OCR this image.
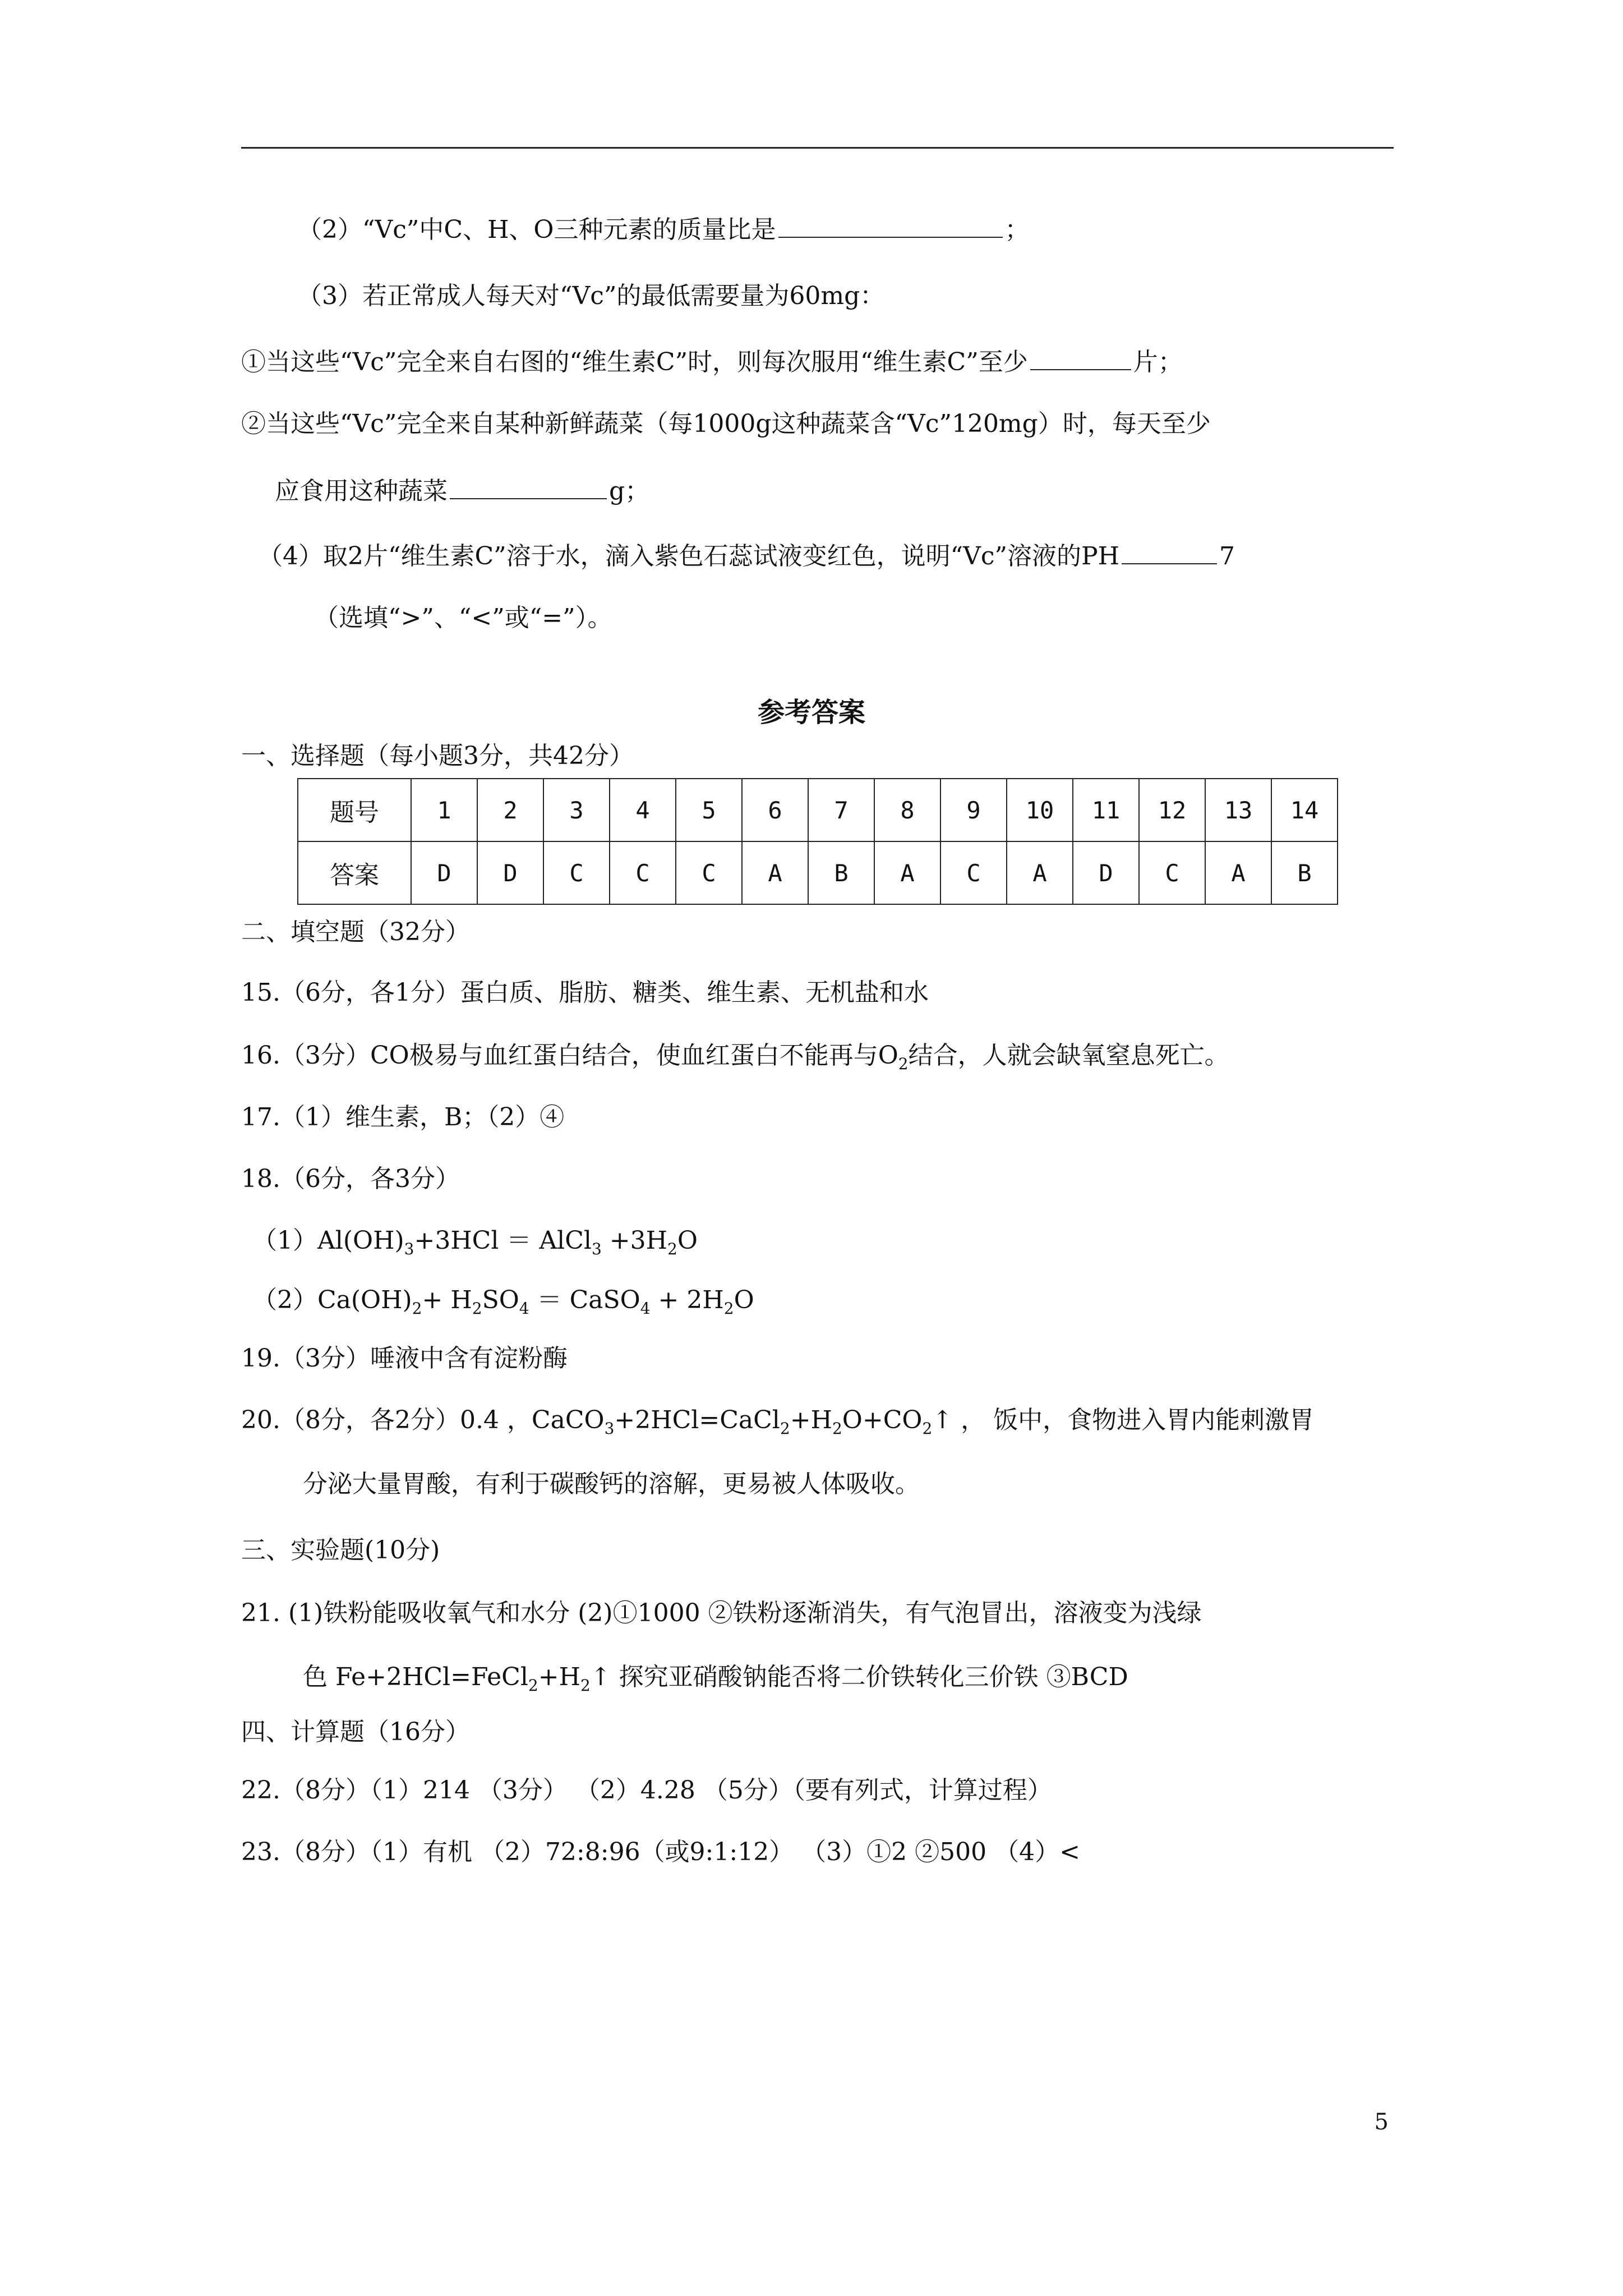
（2）“Vc”中C、H、O三种元素的质量比是	；
（3）若正常成人每天对“Vc”的最低需要量为60mg：
①当这些“Vc”完全来自右图的“维生素C”时，则每次服用“维生素C”至少	片；
②当这些“Vc”完全来自某种新鲜蔬菜（每1000g这种蔬菜含“Vc”120mg）时，每天至少
应食用这种蔬菜	g；
（4）取2片“维生素C”溶于水，滴入紫色石蕊试液变红色，说明“Vc”溶液的PH	7
（选填“>”、“<”或“=”）。
参考答案
一、选择题（每小题3分，共42分）
题号	1	2	3	4	5	6	7	8	9	10	11	12	13	14
答案	D	D	C	C	C	A	B	A	C	A	D	C	A	B
二、填空题（32分）
15.（6分，各1分）蛋白质、脂肪、糖类、维生素、无机盐和水
16.（3分）CO极易与血红蛋白结合，使血红蛋白不能再与$O_2$结合，人就会缺氧窒息死亡。
17.（1）维生素，B；（2）④
18.（6分，各3分）
$(1)Al(OH)_3+3HCl$ ＝ AlCl$_3$ $+3H_2O$
$(2)Ca(OH)_2+ H_2SO_4$ ＝ CaSO$_4$ + $2H_2O$
19.（3分）唾液中含有淀粉酶
20.（8分，各2分）0.4 ，$CaCO_3+2HCl=CaCl_2+H_2O+CO_2↑$ ， 饭中，食物进入胃内能刺激胃
分泌大量胃酸，有利于碳酸钙的溶解，更易被人体吸收。
三、实验题(10分)
21. (1)铁粉能吸收氧气和水分 (2)①1000 ②铁粉逐渐消失，有气泡冒出，溶液变为浅绿
色 $Fe+2HCl=FeCl_2+H_2↑$ 探究亚硝酸钠能否将二价铁转化三价铁 ③BCD
四、计算题（16分）
22.（8分）（1）214 （3分） （2）4.28 （5分）（要有列式，计算过程）
23.（8分）（1）有机 （2）72:8:96（或9:1:12） （3）①2 ②500 （4）<
5
